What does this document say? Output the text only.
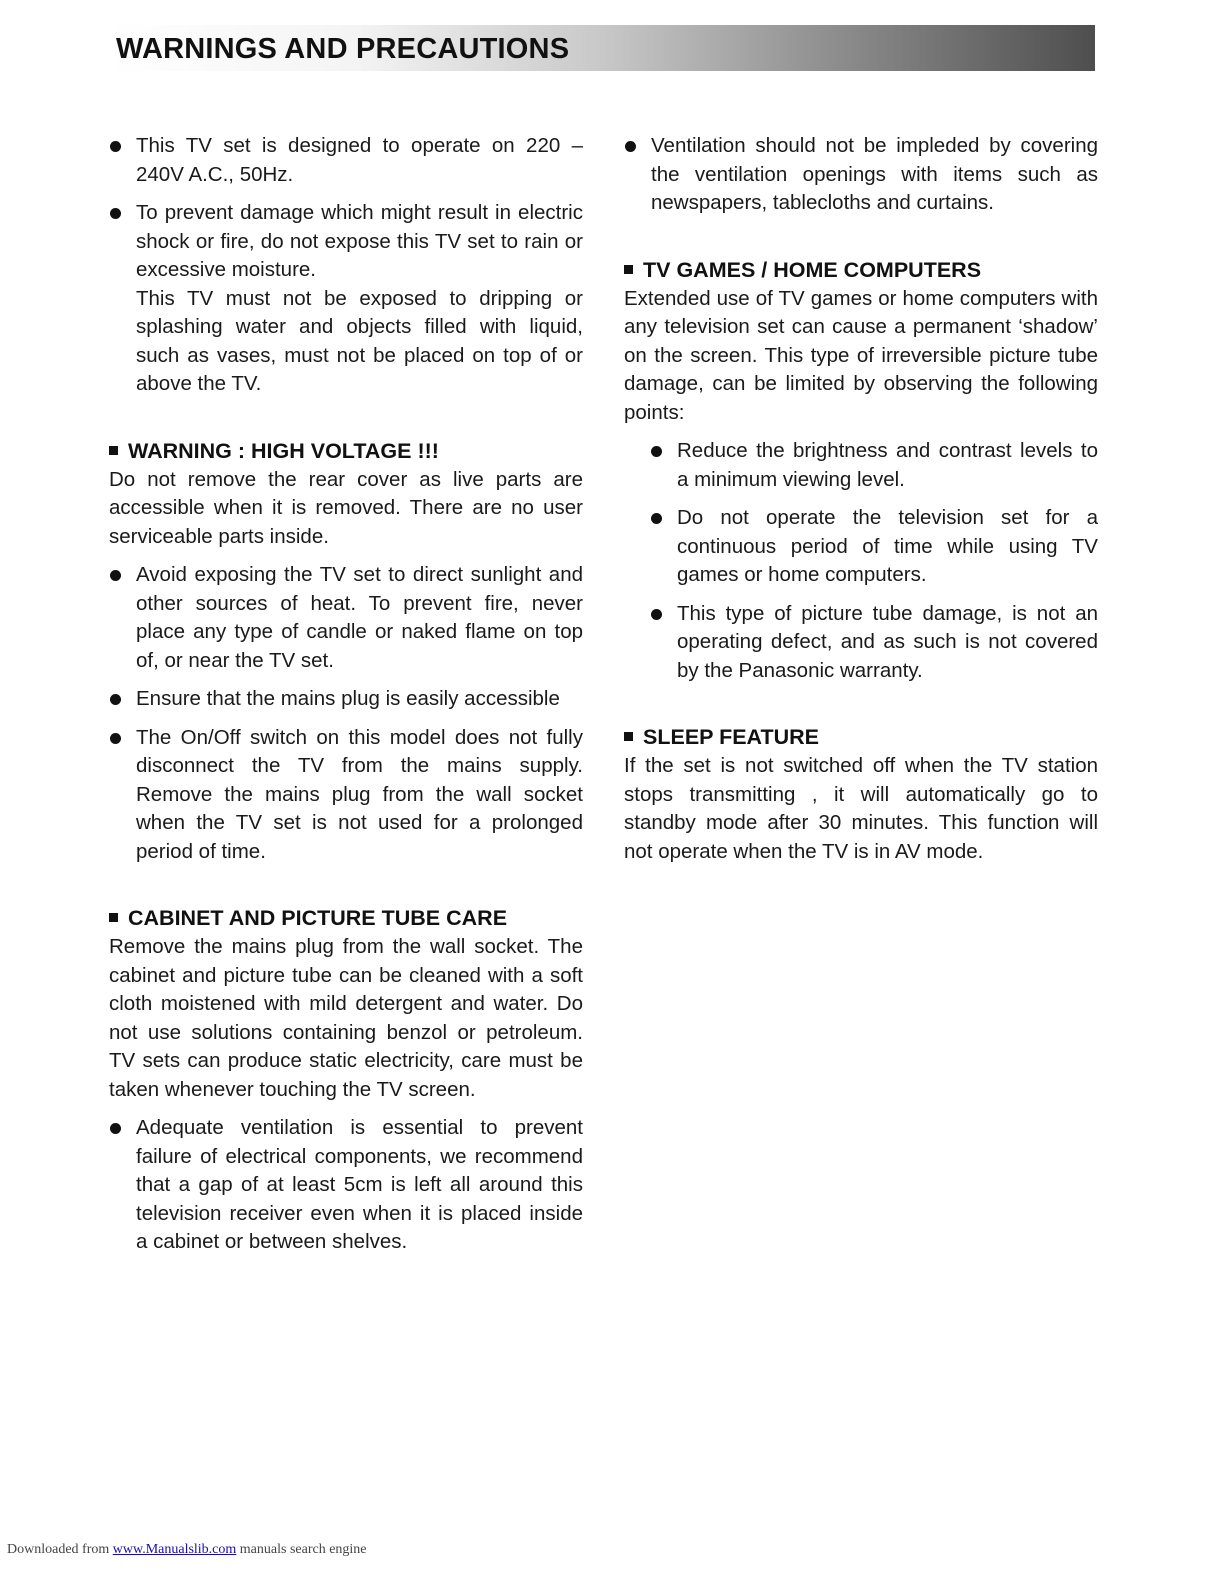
WARNINGS AND PRECAUTIONS

This TV set is designed to operate on 220 – 240V A.C., 50Hz.

To prevent damage which might result in electric shock or fire, do not expose this TV set to rain or excessive moisture.

This TV must not be exposed to dripping or splashing water and objects filled with liquid, such as vases, must not be placed on top of or above the TV.

WARNING : HIGH VOLTAGE !!!

Do not remove the rear cover as live parts are accessible when it is removed. There are no user serviceable parts inside.

Avoid exposing the TV set to direct sunlight and other sources of heat. To prevent fire, never place any type of candle or naked flame on top of, or near the TV set.

Ensure that the mains plug is easily accessible

The On/Off switch on this model does not fully disconnect the TV from the mains supply. Remove the mains plug from the wall socket when the TV set is not used for a prolonged period of time.

CABINET AND PICTURE TUBE CARE

Remove the mains plug from the wall socket. The cabinet and picture tube can be cleaned with a soft cloth moistened with mild detergent and water. Do not use solutions containing benzol or petroleum. TV sets can produce static electricity, care must be taken whenever touching the TV screen.

Adequate ventilation is essential to prevent failure of electrical components, we recommend that a gap of at least 5cm is left all around this television receiver even when it is placed inside a cabinet or between shelves.

Ventilation should not be impleded by covering the ventilation openings with items such as newspapers, tablecloths and curtains.

TV GAMES / HOME COMPUTERS

Extended use of TV games or home computers with any television set can cause a permanent ‘shadow’ on the screen. This type of irreversible picture tube damage, can be limited by observing the following points:

Reduce the brightness and contrast levels to a minimum viewing level.

Do not operate the television set for a continuous period of time while using TV games or home computers.

This type of picture tube damage, is not an operating defect, and as such is not covered by the Panasonic warranty.

SLEEP FEATURE

If the set is not switched off when the TV station stops transmitting , it will automatically go to standby mode after 30 minutes. This function will not operate when the TV is in AV mode.

Downloaded from www.Manualslib.com manuals search engine
